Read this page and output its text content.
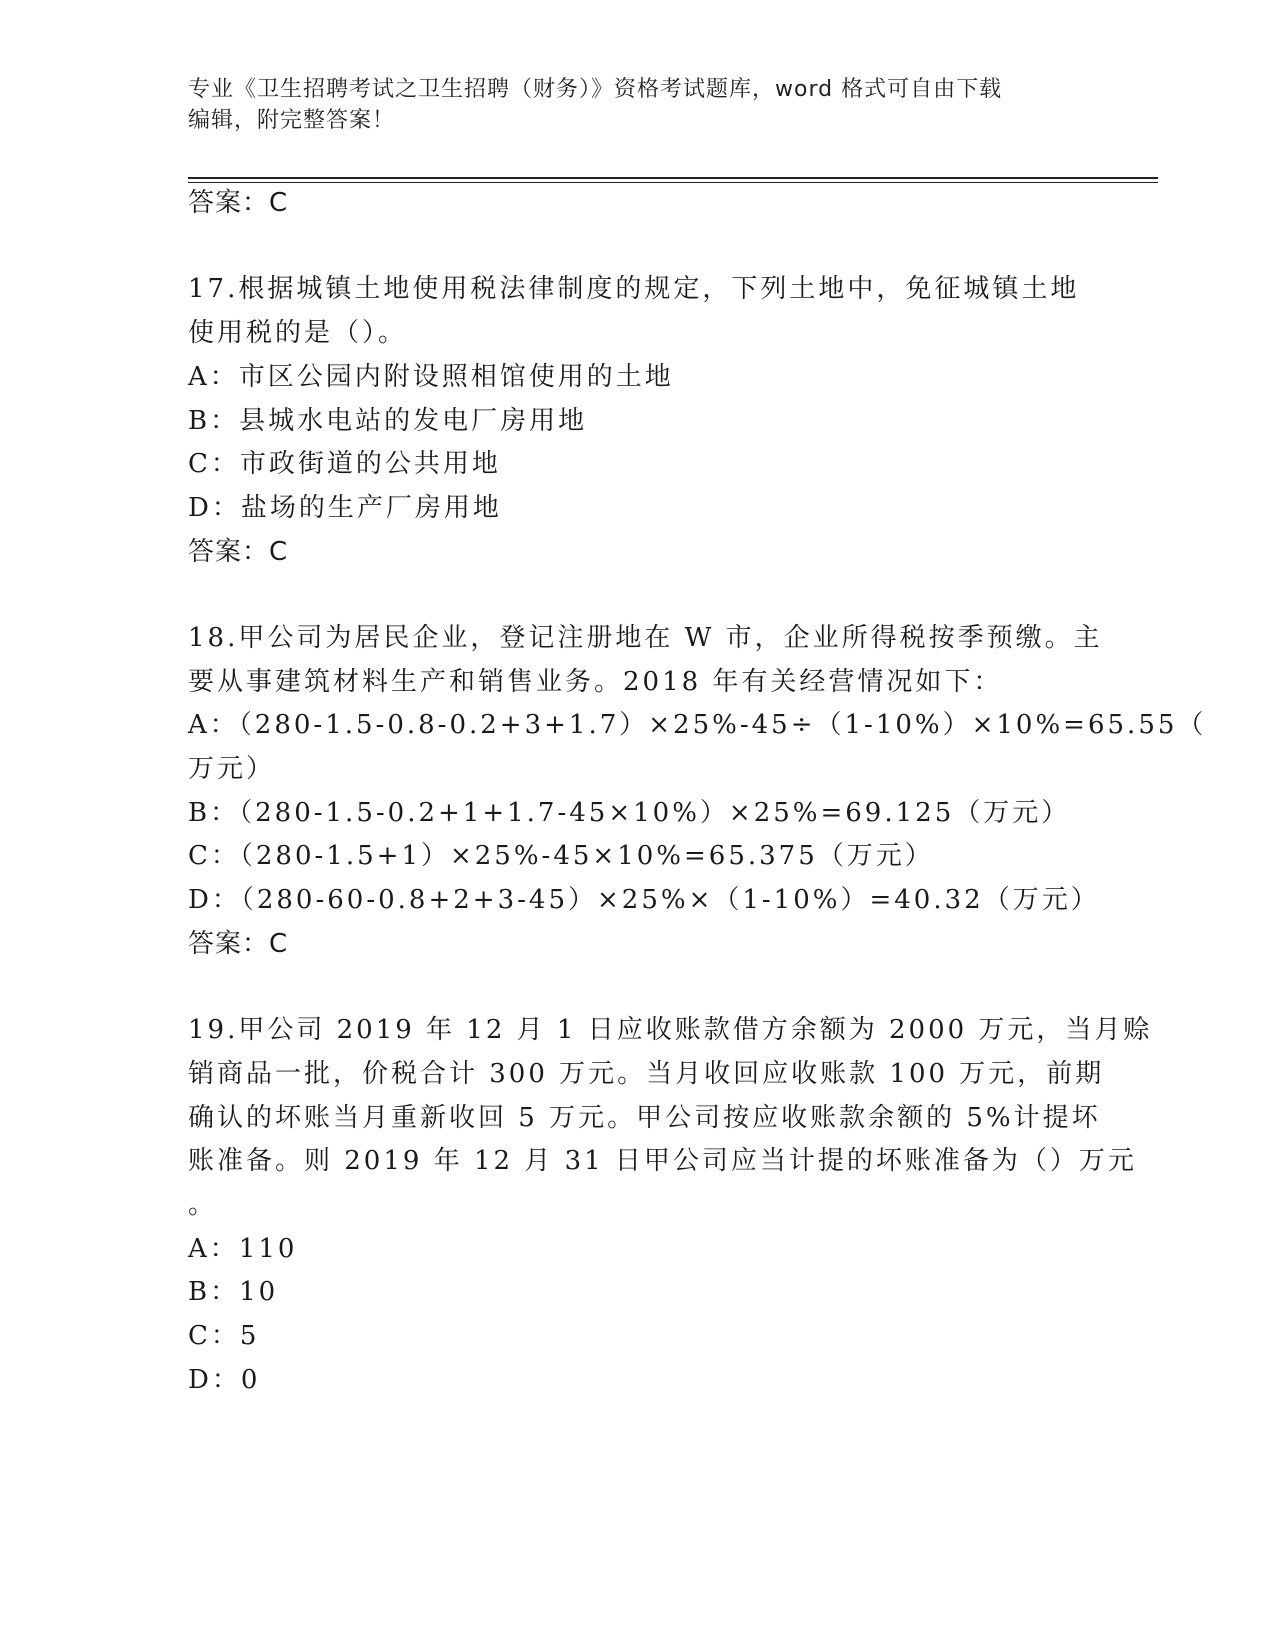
专业《卫生招聘考试之卫生招聘（财务）》资格考试题库，word 格式可自由下载
编辑，附完整答案！
答案：C
17.根据城镇土地使用税法律制度的规定，下列土地中，免征城镇土地
使用税的是（）。
A：市区公园内附设照相馆使用的土地
B：县城水电站的发电厂房用地
C：市政街道的公共用地
D：盐场的生产厂房用地
答案：C
18.甲公司为居民企业，登记注册地在 W 市，企业所得税按季预缴。主
要从事建筑材料生产和销售业务。2018 年有关经营情况如下：
A：（280-1.5-0.8-0.2+3+1.7）×25%-45÷（1-10%）×10%=65.55（
万元）
B：（280-1.5-0.2+1+1.7-45×10%）×25%=69.125（万元）
C：（280-1.5+1）×25%-45×10%=65.375（万元）
D：（280-60-0.8+2+3-45）×25%×（1-10%）=40.32（万元）
答案：C
19.甲公司 2019 年 12 月 1 日应收账款借方余额为 2000 万元，当月赊
销商品一批，价税合计 300 万元。当月收回应收账款 100 万元，前期
确认的坏账当月重新收回 5 万元。甲公司按应收账款余额的 5%计提坏
账准备。则 2019 年 12 月 31 日甲公司应当计提的坏账准备为（）万元
。
A：110
B：10
C：5
D：0
